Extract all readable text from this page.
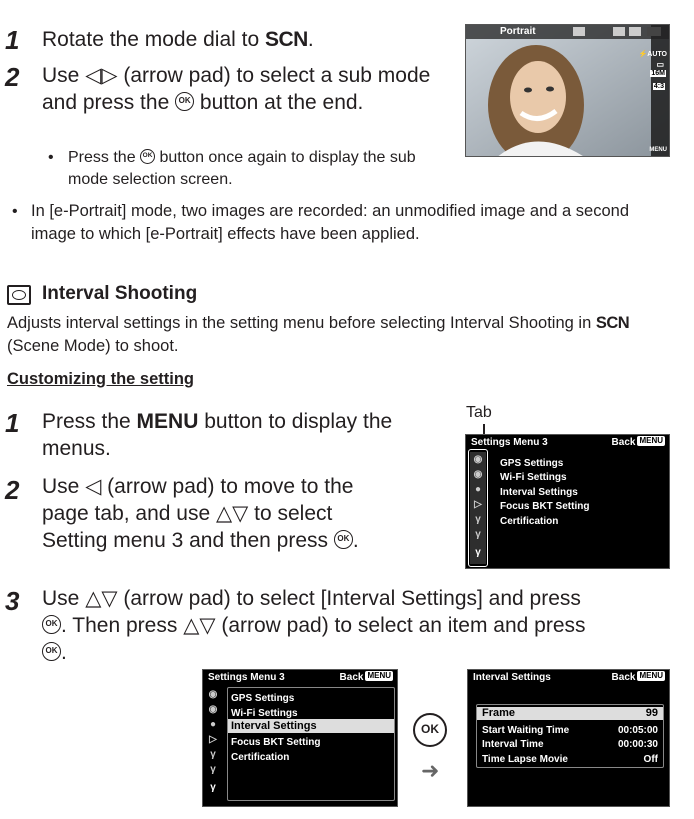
1 Rotate the mode dial to SCN.
2 Use ◁▷ (arrow pad) to select a sub mode and press the OK button at the end.
• Press the OK button once again to display the sub mode selection screen.
Portrait
⚡AUTO
▭
16M
4:3
MENU
• In [e-Portrait] mode, two images are recorded: an unmodified image and a second image to which [e-Portrait] effects have been applied.
Interval Shooting
Adjusts interval settings in the setting menu before selecting Interval Shooting in SCN (Scene Mode) to shoot.
Customizing the setting
1 Press the MENU button to display the menus.
2 Use ◁ (arrow pad) to move to the page tab, and use △▽ to select Setting menu 3 and then press OK .
Tab
Settings Menu 3	Back MENU
◉
◉
●
▷
γ
γ
γ
GPS Settings
Wi-Fi Settings
Interval Settings
Focus BKT Setting
Certification
3 Use △▽ (arrow pad) to select [Interval Settings] and press
OK . Then press △▽ (arrow pad) to select an item and press
OK .
Settings Menu 3	Back MENU
◉
◉
●
▷
γ
γ
γ
GPS Settings
Wi-Fi Settings
Interval Settings
Focus BKT Setting
Certification
OK
➜
Interval Settings	Back MENU
Frame	99
Start Waiting Time	00:05:00
Interval Time	00:00:30
Time Lapse Movie	Off
